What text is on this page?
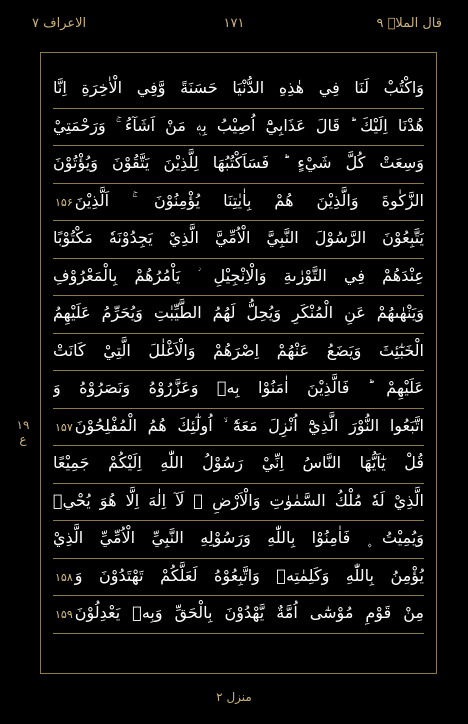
الاعراف ۷	۱۷۱	قال الملاۤ ۹
وَاكْتُبْ لَنَا فِي هٰذِهِ الدُّنْيَا حَسَنَةً وَّفِي الْاٰخِرَةِ اِنَّا
هُدْنَا اِلَيْكَ ؕ قَالَ عَذَابِيْٓ اُصِيْبُ بِهٖ مَنْ اَشَآءُ ۚ وَرَحْمَتِيْ
وَسِعَتْ كُلَّ شَيْءٍ ؕ فَسَاَكْتُبُهَا لِلَّذِيْنَ يَتَّقُوْنَ وَيُؤْتُوْنَ
الزَّكٰوةَ وَالَّذِيْنَ هُمْ بِاٰيٰتِنَا يُؤْمِنُوْنَ ۚ اَلَّذِيْنَ۱۵۶
يَتَّبِعُوْنَ الرَّسُوْلَ النَّبِيَّ الْاُمِّيَّ الَّذِيْ يَجِدُوْنَهٗ مَكْتُوْبًا
عِنْدَهُمْ فِي التَّوْرٰىةِ وَالْاِنْجِيْلِ ؗ يَاْمُرُهُمْ بِالْمَعْرُوْفِ
وَيَنْهٰىهُمْ عَنِ الْمُنْكَرِ وَيُحِلُّ لَهُمُ الطَّيِّبٰتِ وَيُحَرِّمُ عَلَيْهِمُ
الْخَبٰٓئِثَ وَيَضَعُ عَنْهُمْ اِصْرَهُمْ وَالْاَغْلٰلَ الَّتِيْ كَانَتْ
عَلَيْهِمْ ؕ فَالَّذِيْنَ اٰمَنُوْا بِهٖ وَعَزَّرُوْهُ وَنَصَرُوْهُ وَ
اتَّبَعُوا النُّوْرَ الَّذِيْٓ اُنْزِلَ مَعَهٗٓ ۙ اُولٰٓئِكَ هُمُ الْمُفْلِحُوْنَ۱۵۷
قُلْ يٰٓاَيُّهَا النَّاسُ اِنِّيْ رَسُوْلُ اللّٰهِ اِلَيْكُمْ جَمِيْعًا
الَّذِيْ لَهٗ مُلْكُ السَّمٰوٰتِ وَالْاَرْضِ ۚ لَآ اِلٰهَ اِلَّا هُوَ يُحْيٖ
وَيُمِيْتُ ۪ فَاٰمِنُوْا بِاللّٰهِ وَرَسُوْلِهِ النَّبِيِّ الْاُمِّيِّ الَّذِيْ
يُؤْمِنُ بِاللّٰهِ وَكَلِمٰتِهٖ وَاتَّبِعُوْهُ لَعَلَّكُمْ تَهْتَدُوْنَ وَ۱۵۸
مِنْ قَوْمِ مُوْسٰٓى اُمَّةٌ يَّهْدُوْنَ بِالْحَقِّ وَبِهٖ يَعْدِلُوْنَ۱۵۹
۱۹
ع
منزل ۲
